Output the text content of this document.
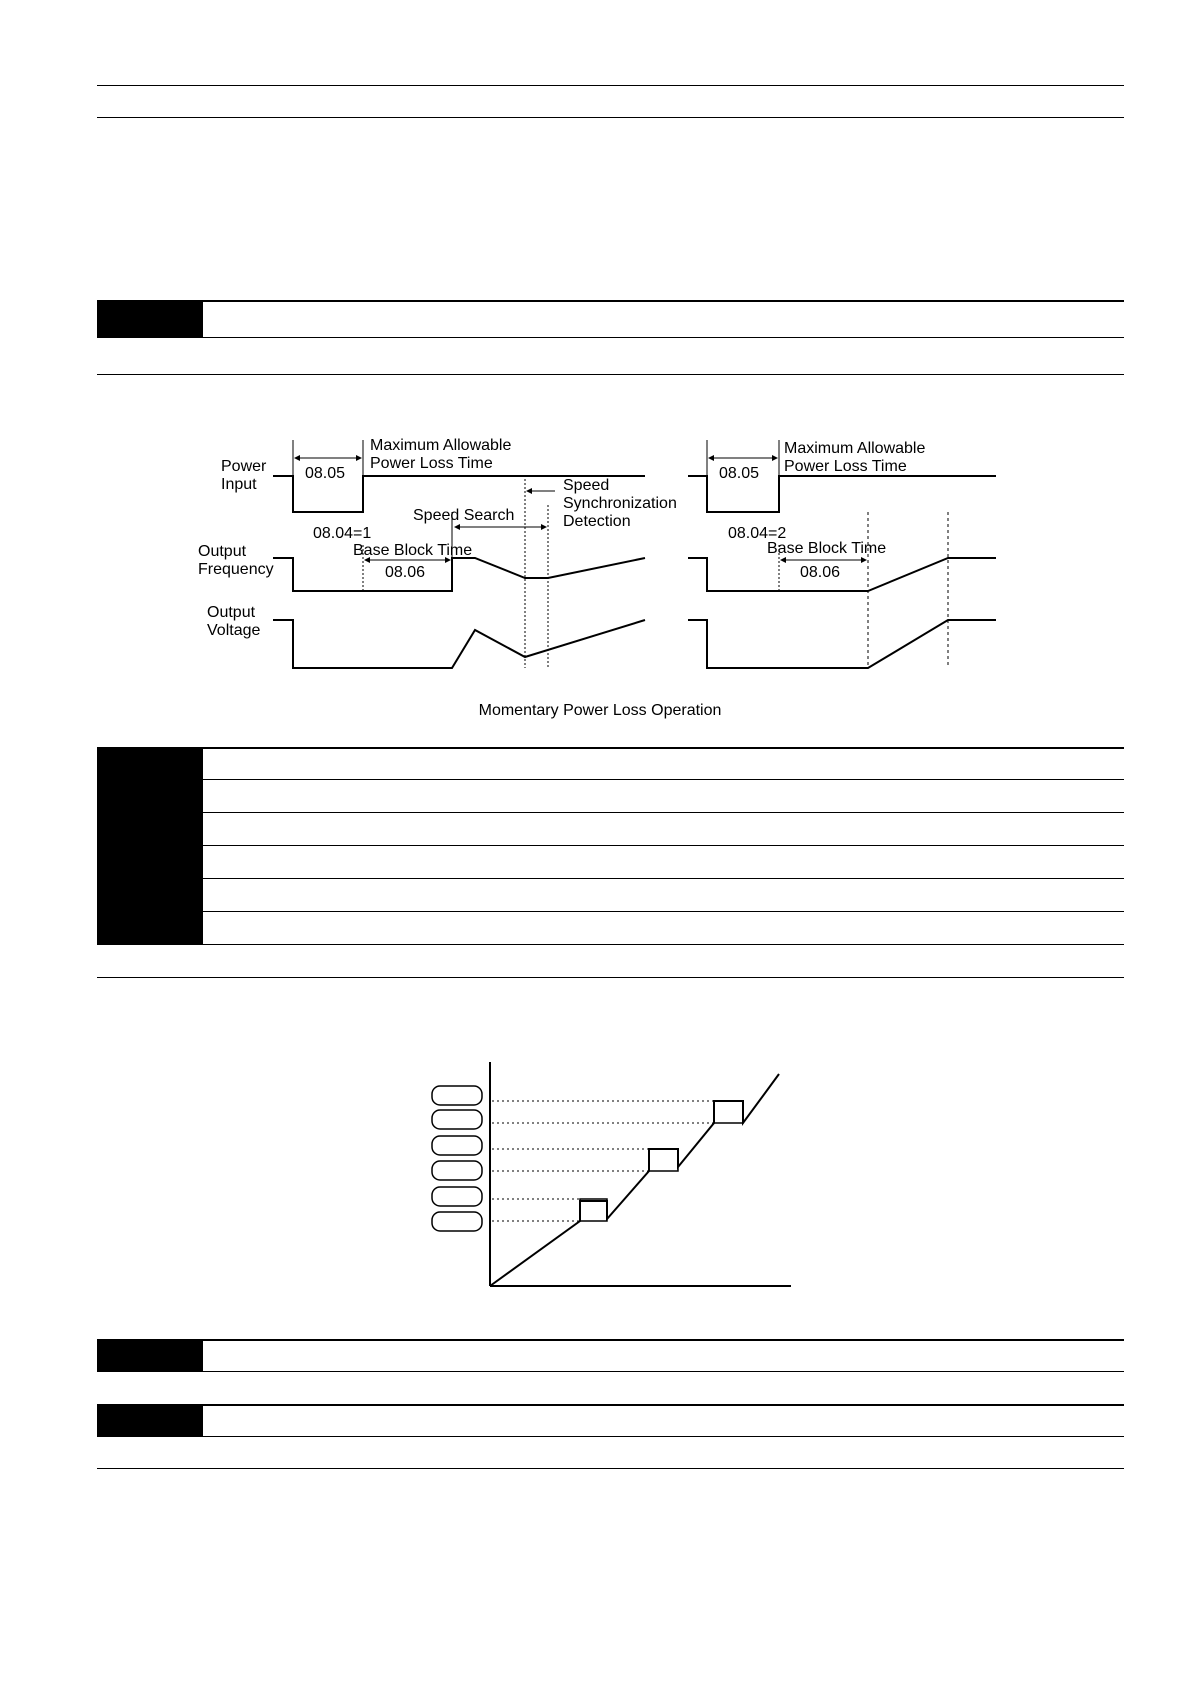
Power
Input
Output
Frequency
Output
Voltage
08.05
Maximum Allowable
Power Loss Time
Speed Search
Speed
Synchronization
Detection
08.04=1
Base Block Time
08.06
08.05
Maximum Allowable
Power Loss Time
08.04=2
Base Block Time
08.06
Momentary Power Loss Operation
